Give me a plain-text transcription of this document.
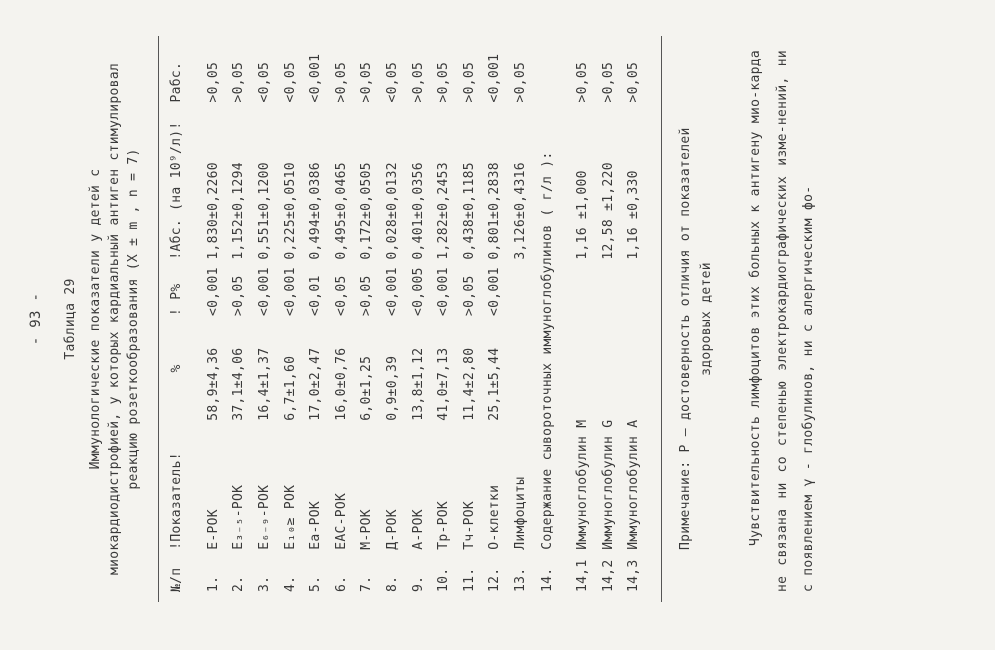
- 93 - Таблица 29 Иммунологические показатели у детей с миокардиодистрофией, у которых кардиальный антиген стимулировал реакцию розеткообразования (X ± m , n = 7)
№/п	!Показатель!	%	! P%	!Абс. (на 10⁹/л)!	Pабс.
1.	Е-РОК	58,9±4,36	<0,001	1,830±0,2260	>0,05
2.	Е₃₋₅-РОК	37,1±4,06	>0,05	1,152±0,1294	>0,05
3.	Е₆₋₉-РОК	16,4±1,37	<0,001	0,551±0,1200	<0,05
4.	Е₁₀≥ РОК	6,7±1,60	<0,001	0,225±0,0510	<0,05
5.	Еа-РОК	17,0±2,47	<0,01	0,494±0,0386	<0,001
6.	ЕАС-РОК	16,0±0,76	<0,05	0,495±0,0465	>0,05
7.	М-РОК	6,0±1,25	>0,05	0,172±0,0505	>0,05
8.	Д-РОК	0,9±0,39	<0,001	0,028±0,0132	<0,05
9.	А-РОК	13,8±1,12	<0,005	0,401±0,0356	>0,05
10.	Тр-РОК	41,0±7,13	<0,001	1,282±0,2453	>0,05
11.	Тч-РОК	11,4±2,80	>0,05	0,438±0,1185	>0,05
12.	О-клетки	25,1±5,44	<0,001	0,801±0,2838	<0,001
13.	Лимфоциты			3,126±0,4316	>0,05
14.	Содержание сывороточных иммуноглобулинов ( г/л ):				
14,1	Иммуноглобулин М			1,16 ±1,000	>0,05
14,2	Иммуноглобулин G			12,58 ±1,220	>0,05
14,3	Иммуноглобулин А			1,16 ±0,330	>0,05
Примечание: Р – достоверность отличия от показателей здоровых детей	Чувствительность лимфоцитов этих больных к антигену мио-карда не связана ни со степенью электрокардиографических изме-нений, ни с появлением γ - глобулинов, ни с алергическим фо-
